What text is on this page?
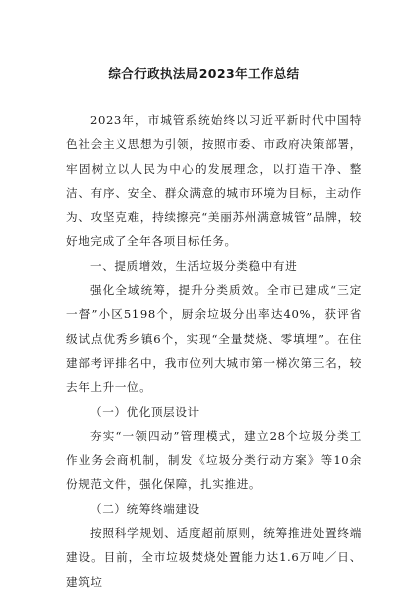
综合行政执法局2023年工作总结

2023年，市城管系统始终以习近平新时代中国特色社会主义思想为引领，按照市委、市政府决策部署，牢固树立以人民为中心的发展理念，以打造干净、整洁、有序、安全、群众满意的城市环境为目标，主动作为、攻坚克难，持续擦亮“美丽苏州满意城管”品牌，较好地完成了全年各项目标任务。

一、提质增效，生活垃圾分类稳中有进

强化全域统筹，提升分类质效。全市已建成“三定一督”小区5198个，厨余垃圾分出率达40%，获评省级试点优秀乡镇6个，实现“全量焚烧、零填埋”。在住建部考评排名中，我市位列大城市第一梯次第三名，较去年上升一位。

（一）优化顶层设计

夯实“一领四动”管理模式，建立28个垃圾分类工作业务会商机制，制发《垃圾分类行动方案》等10余份规范文件，强化保障，扎实推进。

（二）统筹终端建设

按照科学规划、适度超前原则，统筹推进处置终端建设。目前，全市垃圾焚烧处置能力达1.6万吨／日、建筑垃
